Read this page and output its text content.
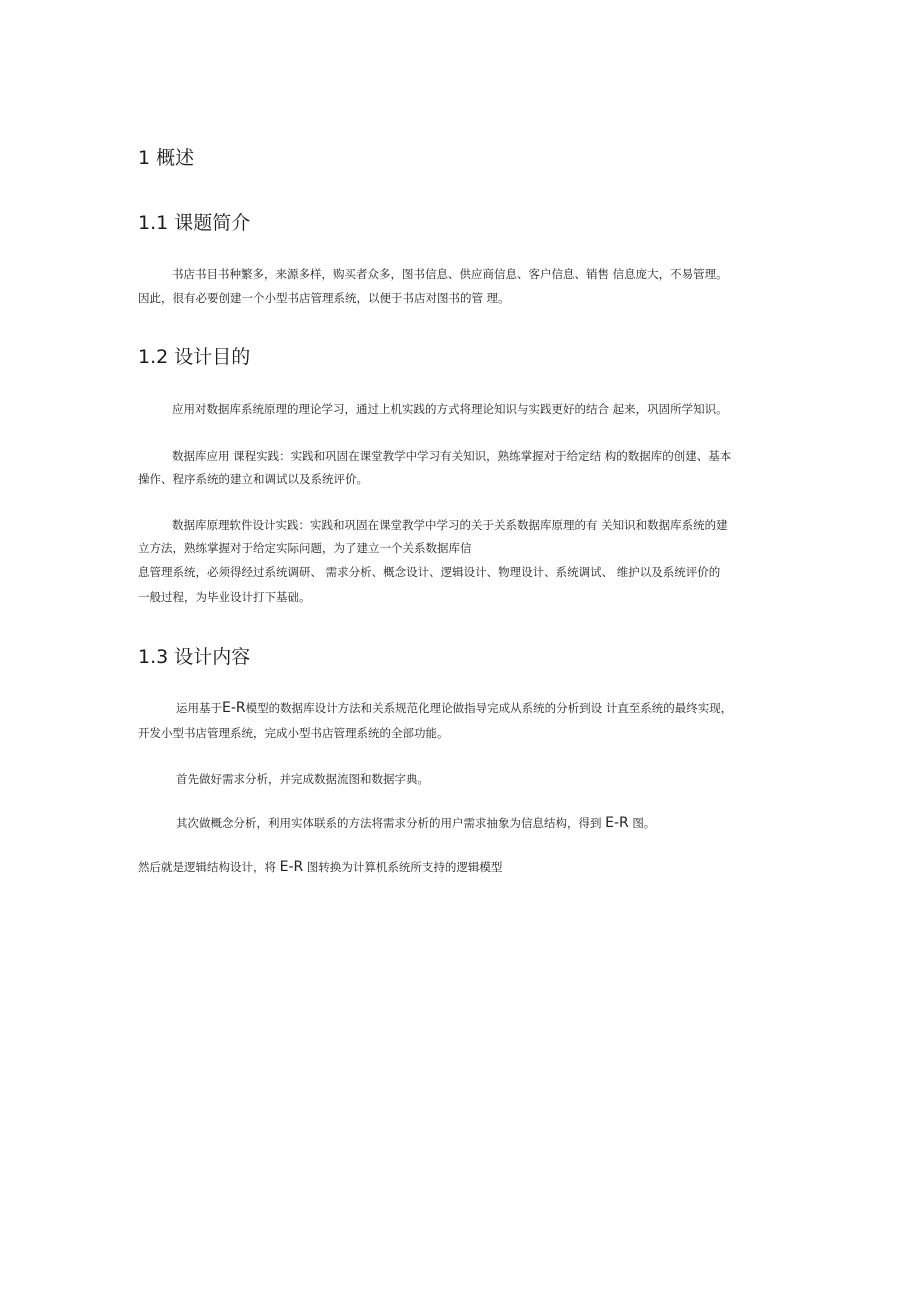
1 概述
1.1 课题简介
书店书目书种繁多，来源多样，购买者众多，图书信息、供应商信息、客户信息、销售 信息庞大，不易管理。
因此，很有必要创建一个小型书店管理系统，以便于书店对图书的管 理。
1.2 设计目的
应用对数据库系统原理的理论学习，通过上机实践的方式将理论知识与实践更好的结合 起来，巩固所学知识。
数据库应用 课程实践：实践和巩固在课堂教学中学习有关知识，熟练掌握对于给定结 构的数据库的创建、基本
操作、程序系统的建立和调试以及系统评价。
数据库原理软件设计实践：实践和巩固在课堂教学中学习的关于关系数据库原理的有 关知识和数据库系统的建
立方法，熟练掌握对于给定实际问题，为了建立一个关系数据库信
息管理系统，必须得经过系统调研、 需求分析、概念设计、逻辑设计、物理设计、系统调试、 维护以及系统评价的
一般过程，为毕业设计打下基础。
1.3 设计内容
运用基于E-R模型的数据库设计方法和关系规范化理论做指导完成从系统的分析到设 计直至系统的最终实现，
开发小型书店管理系统，完成小型书店管理系统的全部功能。
首先做好需求分析，并完成数据流图和数据字典。
其次做概念分析，利用实体联系的方法将需求分析的用户需求抽象为信息结构，得到 E-R 图。
然后就是逻辑结构设计，将 E-R 图转换为计算机系统所支持的逻辑模型
